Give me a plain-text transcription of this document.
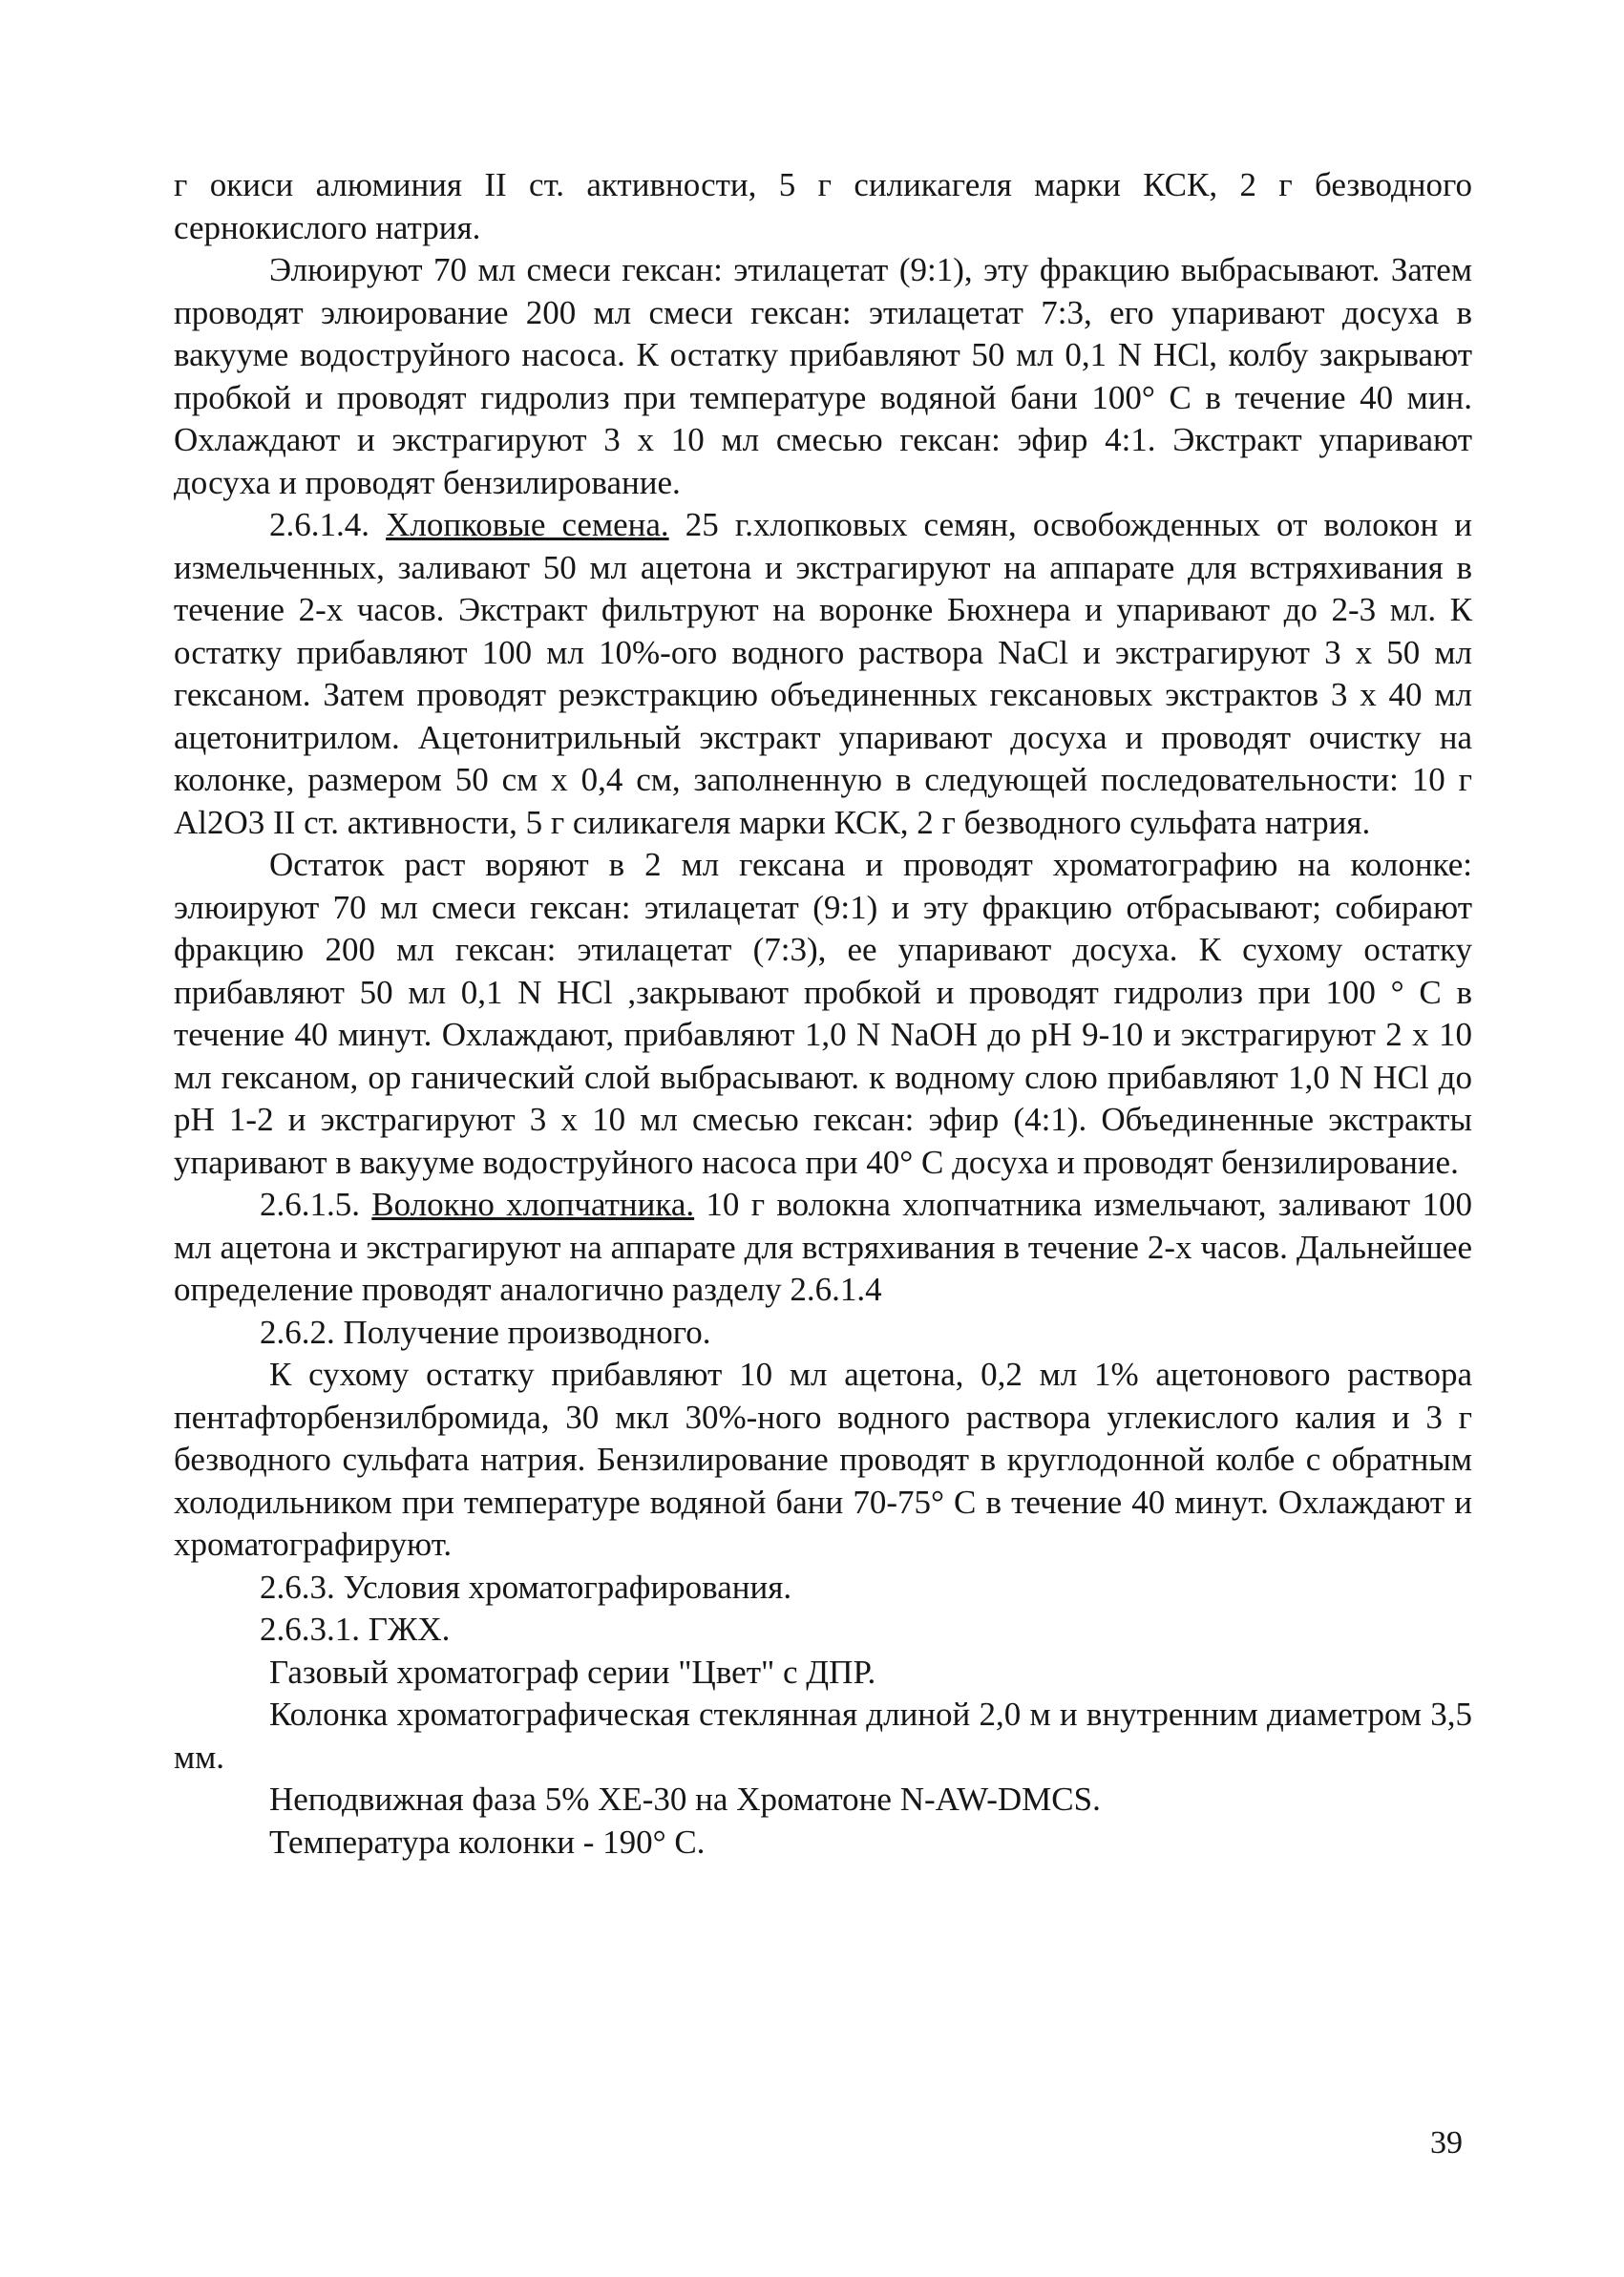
г окиси алюминия II ст. активности, 5 г силикагеля марки КСК, 2 г безводного сернокислого натрия.

Элюируют 70 мл смеси гексан: этилацетат (9:1), эту фракцию выбрасывают. Затем проводят элюирование 200 мл смеси гексан: этилацетат 7:3, его упаривают досуха в вакууме водоструйного насоса. К остатку прибавляют 50 мл 0,1 N HCl, колбу закрывают пробкой и проводят гидролиз при температуре водяной бани 100° С в течение 40 мин. Охлаждают и экстрагируют 3 x 10 мл смесью гексан: эфир 4:1. Экстракт упаривают досуха и проводят бензилирование.

2.6.1.4. Хлопковые семена. 25 г.хлопковых семян, освобожденных от волокон и измельченных, заливают 50 мл ацетона и экстрагируют на аппарате для встряхивания в течение 2-х часов. Экстракт фильтруют на воронке Бюхнера и упаривают до 2-3 мл. К остатку прибавляют 100 мл 10%-ого водного раствора NaCl и экстрагируют 3 x 50 мл гексаном. Затем проводят реэкстракцию объединенных гексановых экстрактов 3 x 40 мл ацетонитрилом. Ацетонитрильный экстракт упаривают досуха и проводят очистку на колонке, размером 50 см x 0,4 см, заполненную в следующей последовательности: 10 г Al2O3 II ст. активности, 5 г силикагеля марки КСК, 2 г безводного сульфата натрия.

Остаток раст воряют в 2 мл гексана и проводят хроматографию на колонке: элюируют 70 мл смеси гексан: этилацетат (9:1) и эту фракцию отбрасывают; собирают фракцию 200 мл гексан: этилацетат (7:3), ее упаривают досуха. К сухому остатку прибавляют 50 мл 0,1 N HCl ,закрывают пробкой и проводят гидролиз при 100 ° С в течение 40 минут. Охлаждают, прибавляют 1,0 N NaOH до pH 9-10 и экстрагируют 2 x 10 мл гексаном, ор ганический слой выбрасывают. к водному слою прибавляют 1,0 N HCl до pH 1-2 и экстрагируют 3 x 10 мл смесью гексан: эфир (4:1). Объединенные экстракты упаривают в вакууме водоструйного насоса при 40° С досуха и проводят бензилирование.

2.6.1.5. Волокно хлопчатника. 10 г волокна хлопчатника измельчают, заливают 100 мл ацетона и экстрагируют на аппарате для встряхивания в течение 2-х часов. Дальнейшее определение проводят аналогично разделу 2.6.1.4

2.6.2. Получение производного.

К сухому остатку прибавляют 10 мл ацетона, 0,2 мл 1% ацетонового раствора пентафторбензилбромида, 30 мкл 30%-ного водного раствора углекислого калия и 3 г безводного сульфата натрия. Бензилирование проводят в круглодонной колбе с обратным холодильником при температуре водяной бани 70-75° С в течение 40 минут. Охлаждают и хроматографируют.

2.6.3. Условия хроматографирования.

2.6.3.1. ГЖХ.

Газовый хроматограф серии "Цвет" с ДПР.

Колонка хроматографическая стеклянная длиной 2,0 м и внутренним диаметром 3,5 мм.

Неподвижная фаза 5% XE-30 на Хроматоне N-AW-DMCS.

Температура колонки - 190° С.

39
